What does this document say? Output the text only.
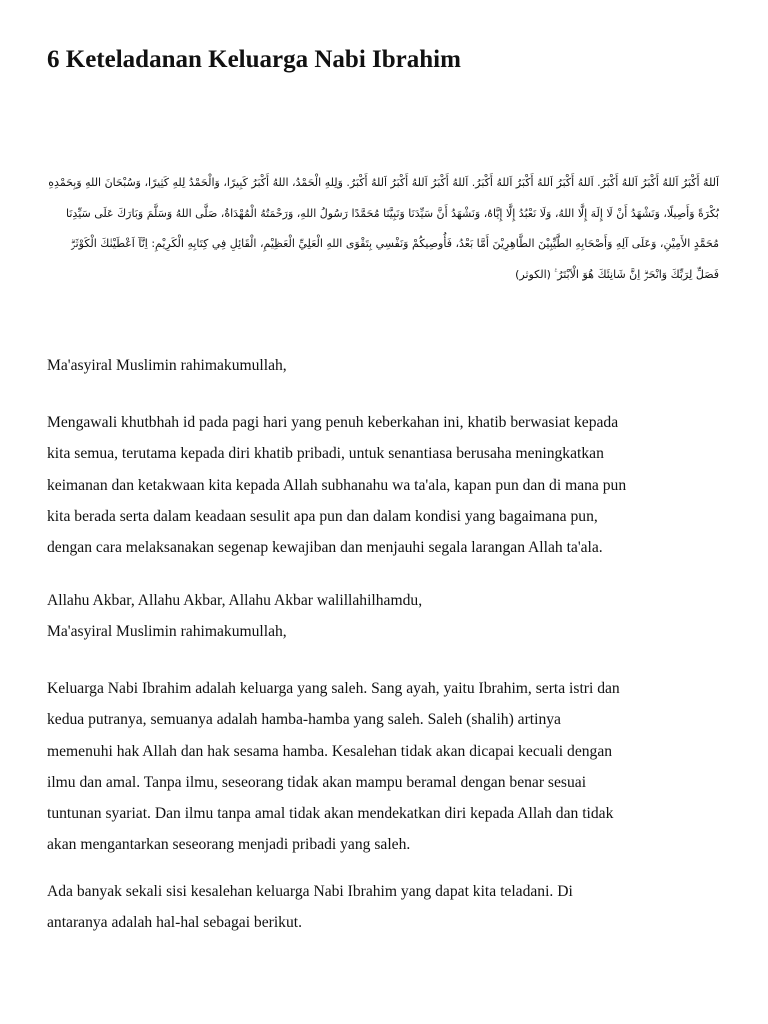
6 Keteladanan Keluarga Nabi Ibrahim

اَللهُ أَكْبَرُ اَللهُ أَكْبَرُ اَللهُ أَكْبَرُ. اَللهُ أَكْبَرُ اَللهُ أَكْبَرُ اَللهُ أَكْبَرُ. اَللهُ أَكْبَرُ اَللهُ أَكْبَرُ اَللهُ أَكْبَرُ. وَلِلهِ الْحَمْدُ، اللهُ أَكْبَرُ كَبِيرًا، وَالْحَمْدُ لِلهِ كَثِيرًا، وَسُبْحَانَ اللهِ وَبِحَمْدِهِ بُكْرَةً وَأَصِيلًا، وَنَشْهَدُ أَنْ لَا إِلَهَ إِلَّا اللهُ، وَلَا نَعْبُدُ إِلَّا إِيَّاهُ، وَنَشْهَدُ أَنَّ سَيِّدَنَا وَنَبِيَّنَا مُحَمَّدًا رَسُولُ اللهِ، وَرَحْمَتُهُ الْمُهْدَاةُ، صَلَّى اللهُ وَسَلَّمَ وَبَارَكَ عَلَى سَيِّدِنَا مُحَمَّدٍ الأَمِيْنِ، وَعَلَى آلِهِ وَأَصْحَابِهِ الطَّيِّبِيْنَ الطَّاهِرِيْنَ أَمَّا بَعْدُ، فَأُوصِيكُمْ وَنَفْسِي بِتَقْوَى اللهِ الْعَلِيِّ الْعَظِيْمِ، الْقَائِلِ فِي كِتَابِهِ الْكَرِيْمِ: اِنَّآ اَعْطَيْنٰكَ الْكَوْثَرَۗ فَصَلِّ لِرَبِّكَ وَانْحَرْۗ اِنَّ شَانِئَكَ هُوَ الْاَبْتَرُ ࣖ (الكوثر)

Ma'asyiral Muslimin rahimakumullah,

Mengawali khutbhah id pada pagi hari yang penuh keberkahan ini, khatib berwasiat kepada
kita semua, terutama kepada diri khatib pribadi, untuk senantiasa berusaha meningkatkan
keimanan dan ketakwaan kita kepada Allah subhanahu wa ta'ala, kapan pun dan di mana pun
kita berada serta dalam keadaan sesulit apa pun dan dalam kondisi yang bagaimana pun,
dengan cara melaksanakan segenap kewajiban dan menjauhi segala larangan Allah ta'ala.

Allahu Akbar, Allahu Akbar, Allahu Akbar walillahilhamdu,
Ma'asyiral Muslimin rahimakumullah,

Keluarga Nabi Ibrahim adalah keluarga yang saleh. Sang ayah, yaitu Ibrahim, serta istri dan
kedua putranya, semuanya adalah hamba-hamba yang saleh. Saleh (shalih) artinya
memenuhi hak Allah dan hak sesama hamba. Kesalehan tidak akan dicapai kecuali dengan
ilmu dan amal. Tanpa ilmu, seseorang tidak akan mampu beramal dengan benar sesuai
tuntunan syariat. Dan ilmu tanpa amal tidak akan mendekatkan diri kepada Allah dan tidak
akan mengantarkan seseorang menjadi pribadi yang saleh.

Ada banyak sekali sisi kesalehan keluarga Nabi Ibrahim yang dapat kita teladani. Di
antaranya adalah hal-hal sebagai berikut.
